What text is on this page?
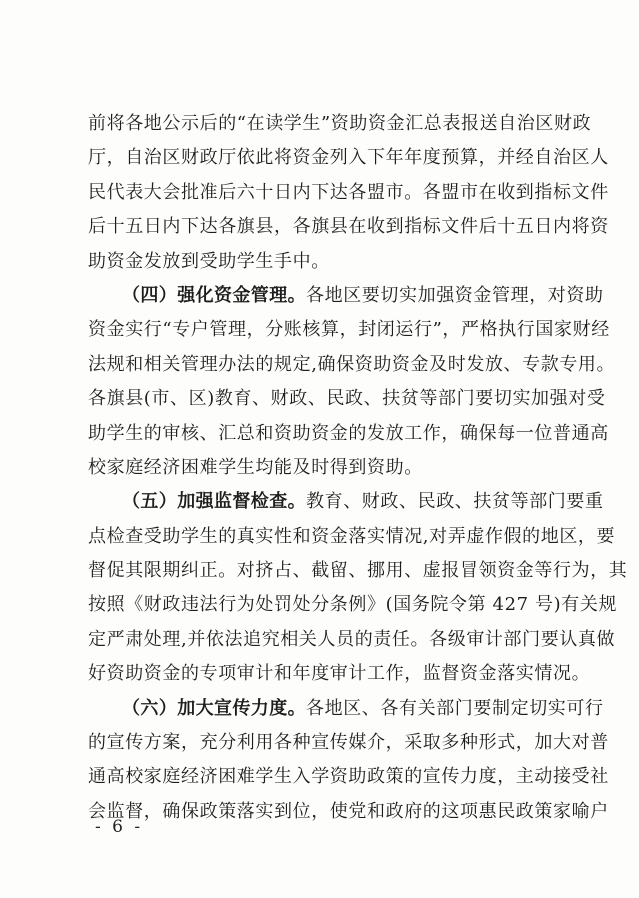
前将各地公示后的“在读学生”资助资金汇总表报送自治区财政
厅，自治区财政厅依此将资金列入下年年度预算，并经自治区人
民代表大会批准后六十日内下达各盟市。各盟市在收到指标文件
后十五日内下达各旗县，各旗县在收到指标文件后十五日内将资
助资金发放到受助学生手中。
（四）强化资金管理。各地区要切实加强资金管理，对资助
资金实行“专户管理，分账核算，封闭运行”，严格执行国家财经
法规和相关管理办法的规定,确保资助资金及时发放、专款专用。
各旗县(市、区)教育、财政、民政、扶贫等部门要切实加强对受
助学生的审核、汇总和资助资金的发放工作，确保每一位普通高
校家庭经济困难学生均能及时得到资助。
（五）加强监督检查。教育、财政、民政、扶贫等部门要重
点检查受助学生的真实性和资金落实情况,对弄虚作假的地区，要
督促其限期纠正。对挤占、截留、挪用、虚报冒领资金等行为，其
按照《财政违法行为处罚处分条例》(国务院令第 427 号)有关规
定严肃处理,并依法追究相关人员的责任。各级审计部门要认真做
好资助资金的专项审计和年度审计工作，监督资金落实情况。
（六）加大宣传力度。各地区、各有关部门要制定切实可行
的宣传方案，充分利用各种宣传媒介，采取多种形式，加大对普
通高校家庭经济困难学生入学资助政策的宣传力度，主动接受社
会监督，确保政策落实到位，使党和政府的这项惠民政策家喻户
- 6 -
